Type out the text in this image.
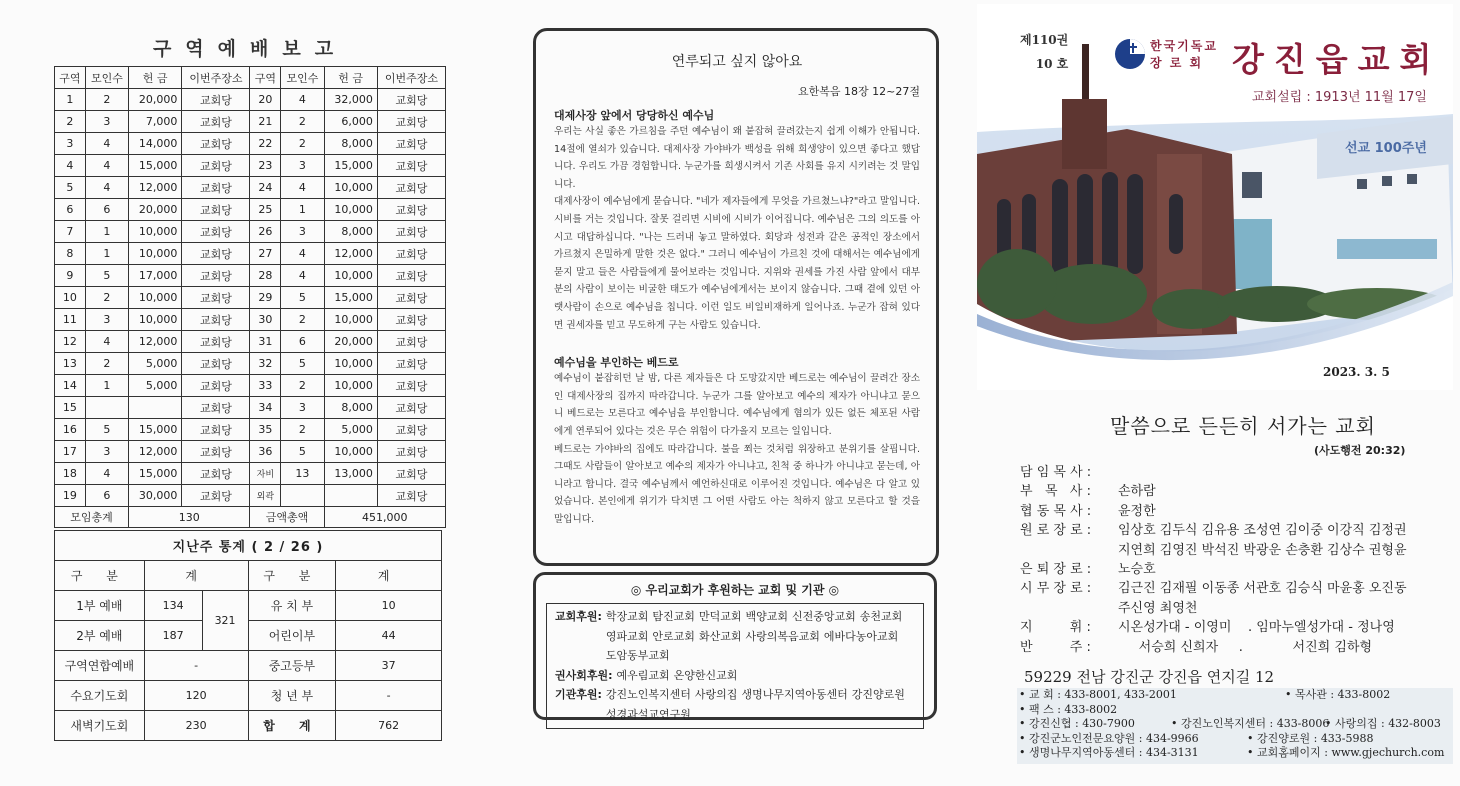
구역예배보고
구역	모인수	헌 금	이번주장소	구역	모인수	헌 금	이번주장소
1	2	20,000	교회당	20	4	32,000	교회당
2	3	7,000	교회당	21	2	6,000	교회당
3	4	14,000	교회당	22	2	8,000	교회당
4	4	15,000	교회당	23	3	15,000	교회당
5	4	12,000	교회당	24	4	10,000	교회당
6	6	20,000	교회당	25	1	10,000	교회당
7	1	10,000	교회당	26	3	8,000	교회당
8	1	10,000	교회당	27	4	12,000	교회당
9	5	17,000	교회당	28	4	10,000	교회당
10	2	10,000	교회당	29	5	15,000	교회당
11	3	10,000	교회당	30	2	10,000	교회당
12	4	12,000	교회당	31	6	20,000	교회당
13	2	5,000	교회당	32	5	10,000	교회당
14	1	5,000	교회당	33	2	10,000	교회당
15			교회당	34	3	8,000	교회당
16	5	15,000	교회당	35	2	5,000	교회당
17	3	12,000	교회당	36	5	10,000	교회당
18	4	15,000	교회당	자비	13	13,000	교회당
19	6	30,000	교회당	외곽			교회당
모임총계		130		금액총액		451,000	
지난주 통계 ( 2 / 26 )				
구 분	계		구 분	계
1부 예배	134	321	유 치 부	10
2부 예배	187		어린이부	44
구역연합예배	-		중고등부	37
수요기도회	120		청 년 부	-
새벽기도회	230		합 계	762
연루되고 싶지 않아요
요한복음 18장 12~27절
대제사장 앞에서 당당하신 예수님

우리는 사실 좋은 가르침을 주던 예수님이 왜 붙잡혀 끌려갔는지 쉽게 이해가 안됩니다. 14절에 열쇠가 있습니다. 대제사장 가야바가 백성을 위해 희생양이 있으면 좋다고 했답니다. 우리도 가끔 경험합니다. 누군가를 희생시켜서 기존 사회를 유지 시키려는 것 말입니다.

대제사장이 예수님에게 묻습니다. "네가 제자들에게 무엇을 가르쳤느냐?"라고 말입니다. 시비를 거는 것입니다. 잘못 걸리면 시비에 시비가 이어집니다. 예수님은 그의 의도를 아시고 대답하십니다. "나는 드러내 놓고 말하였다. 회당과 성전과 같은 공적인 장소에서 가르쳤지 은밀하게 말한 것은 없다." 그러니 예수님이 가르친 것에 대해서는 예수님에게 묻지 말고 들은 사람들에게 물어보라는 것입니다. 지위와 권세를 가진 사람 앞에서 대부분의 사람이 보이는 비굴한 태도가 예수님에게서는 보이지 않습니다. 그때 곁에 있던 아랫사람이 손으로 예수님을 칩니다. 이런 일도 비일비재하게 일어나죠. 누군가 잡혀 있다면 권세자를 믿고 무도하게 구는 사람도 있습니다.

예수님을 부인하는 베드로

예수님이 붙잡히던 날 밤, 다른 제자들은 다 도망갔지만 베드로는 예수님이 끌려간 장소인 대제사장의 집까지 따라갑니다. 누군가 그를 알아보고 예수의 제자가 아니냐고 묻으니 베드로는 모른다고 예수님을 부인합니다. 예수님에게 혐의가 있든 없든 체포된 사람에게 연루되어 있다는 것은 무슨 위험이 다가올지 모르는 일입니다.

베드로는 가야바의 집에도 따라갑니다. 불을 쬐는 것처럼 위장하고 분위기를 살핍니다. 그때도 사람들이 알아보고 예수의 제자가 아니냐고, 친척 중 하나가 아니냐고 묻는데, 아니라고 합니다. 결국 예수님께서 예언하신대로 이루어진 것입니다. 예수님은 다 알고 있었습니다. 본인에게 위기가 닥치면 그 어떤 사람도 아는 척하지 않고 모른다고 할 것을 말입니다.

◎ 우리교회가 후원하는 교회 및 기관 ◎
교회후원: 학장교회 탐진교회 만덕교회 백양교회 신전중앙교회 송천교회
영파교회 안로교회 화산교회 사랑의복음교회 에바다농아교회
도암동부교회
권사회후원: 예우림교회 온양한신교회
기관후원: 강진노인복지센터 사랑의집 생명나무지역아동센터 강진양로원
성경과설교연구원
선교 100주년
제110권
10 호
한국기독교
장 로 회 강진읍교회
교회설립 : 1913년 11월 17일
2023. 3. 5
말씀으로 든든히 서가는 교회
(사도행전 20:32)
담 임 목 사 :
부   목   사 :	손하람
협 동 목 사 :	윤정한
원 로 장 로 :	임상호 김두식 김유용 조성연 김이중 이강직 김정권
지연희 김영진 박석진 박광운 손충환 김상수 권형윤
은 퇴 장 로 :	노승호
시 무 장 로 :	김근진 김재필 이동종 서관호 김승식 마윤홍 오진동
주신영 최영천
지         휘 :	시온성가대 - 이영미    . 임마누엘성가대 - 정나영
반         주 :	서승희 신희자     .            서진희 김하형
59229 전남 강진군 강진읍 연지길 12
• 교 회 : 433-8001, 433-2001	• 목사관 : 433-8002
• 팩 스 : 433-8002
• 강진신협 : 430-7900	• 강진노인복지센터 : 433-8006
• 사랑의집 : 432-8003
• 강진군노인전문요양원 : 434-9966	• 강진양로원 : 433-5988
• 생명나무지역아동센터 : 434-3131	• 교회홈페이지 : www.gjechurch.com
